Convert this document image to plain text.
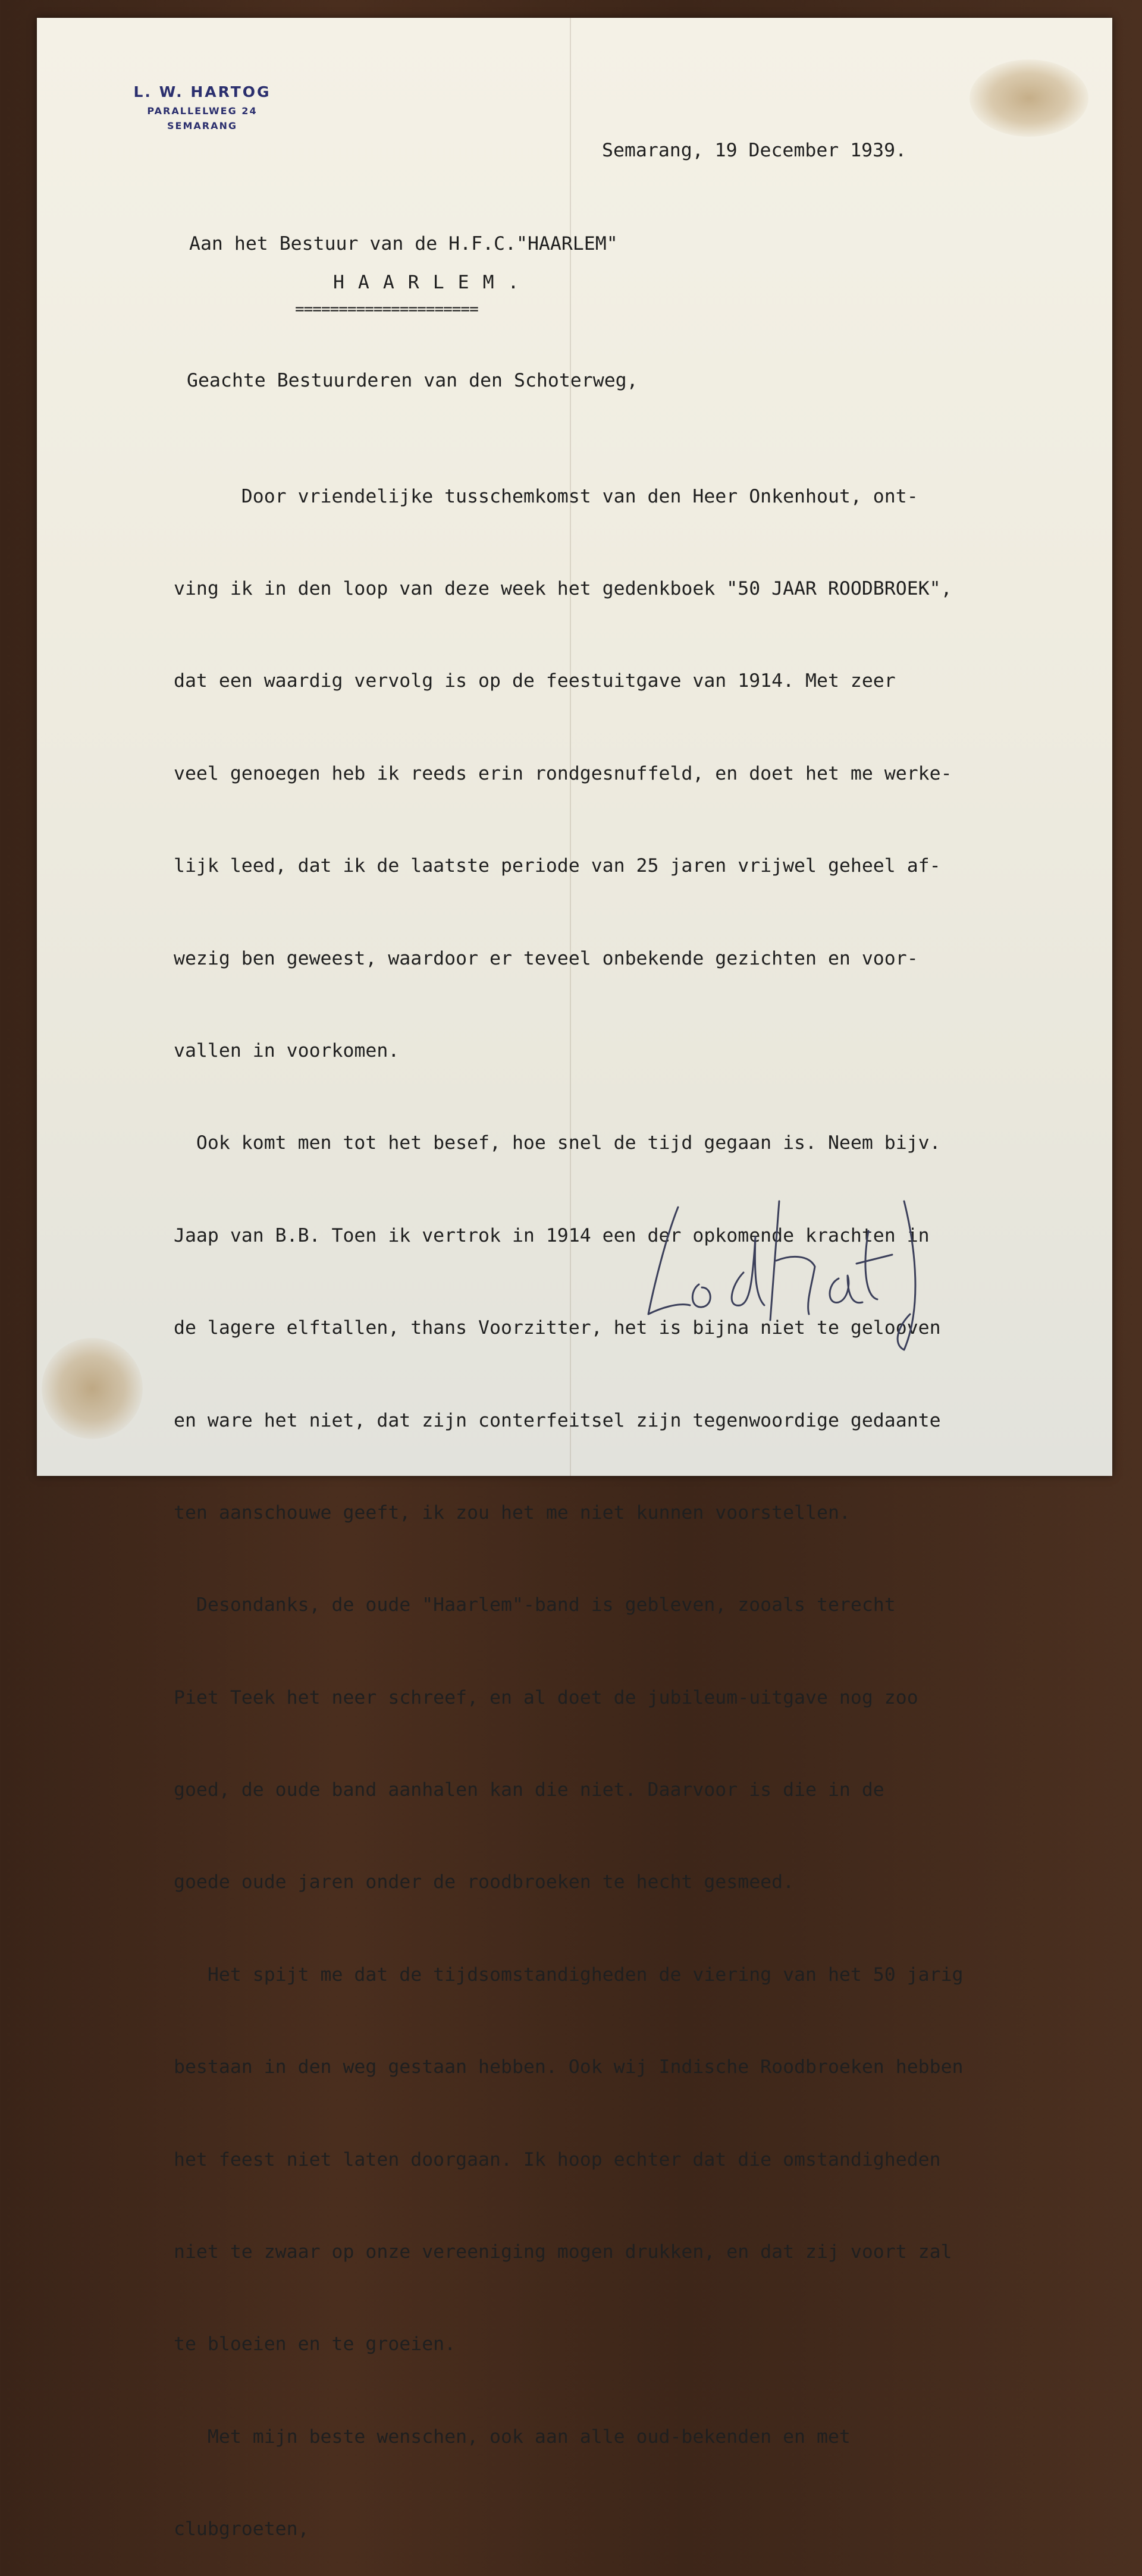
L. W. HARTOG
PARALLELWEG 24
SEMARANG
Semarang, 19 December 1939.
Aan het Bestuur van de H.F.C."HAARLEM"
H A A R L E M .
=====================
Geachte Bestuurderen van den Schoterweg,

Door vriendelijke tusschemkomst van den Heer Onkenhout, ont-

ving ik in den loop van deze week het gedenkboek "50 JAAR ROODBROEK",

dat een waardig vervolg is op de feestuitgave van 1914. Met zeer

veel genoegen heb ik reeds erin rondgesnuffeld, en doet het me werke-

lijk leed, dat ik de laatste periode van 25 jaren vrijwel geheel af-

wezig ben geweest, waardoor er teveel onbekende gezichten en voor-

vallen in voorkomen.

Ook komt men tot het besef, hoe snel de tijd gegaan is. Neem bijv.

Jaap van B.B. Toen ik vertrok in 1914 een der opkomende krachten in

de lagere elftallen, thans Voorzitter, het is bijna niet te gelooven

en ware het niet, dat zijn conterfeitsel zijn tegenwoordige gedaante

ten aanschouwe geeft, ik zou het me niet kunnen voorstellen.

Desondanks, de oude "Haarlem"-band is gebleven, zooals terecht

Piet Teek het neer schreef, en al doet de jubileum-uitgave nog zoo

goed, de oude band aanhalen kan die niet. Daarvoor is die in de

goede oude jaren onder de roodbroeken te hecht gesmeed.

Het spijt me dat de tijdsomstandigheden de viering van het 50 jarig

bestaan in den weg gestaan hebben. Ook wij Indische Roodbroeken hebben

het feest niet laten doorgaan. Ik hoop echter dat die omstandigheden

niet te zwaar op onze vereeniging mogen drukken, en dat zij voort zal

te bloeien en te groeien.

Met mijn beste wenschen, ook aan alle oud-bekenden en met

clubgroeten,
